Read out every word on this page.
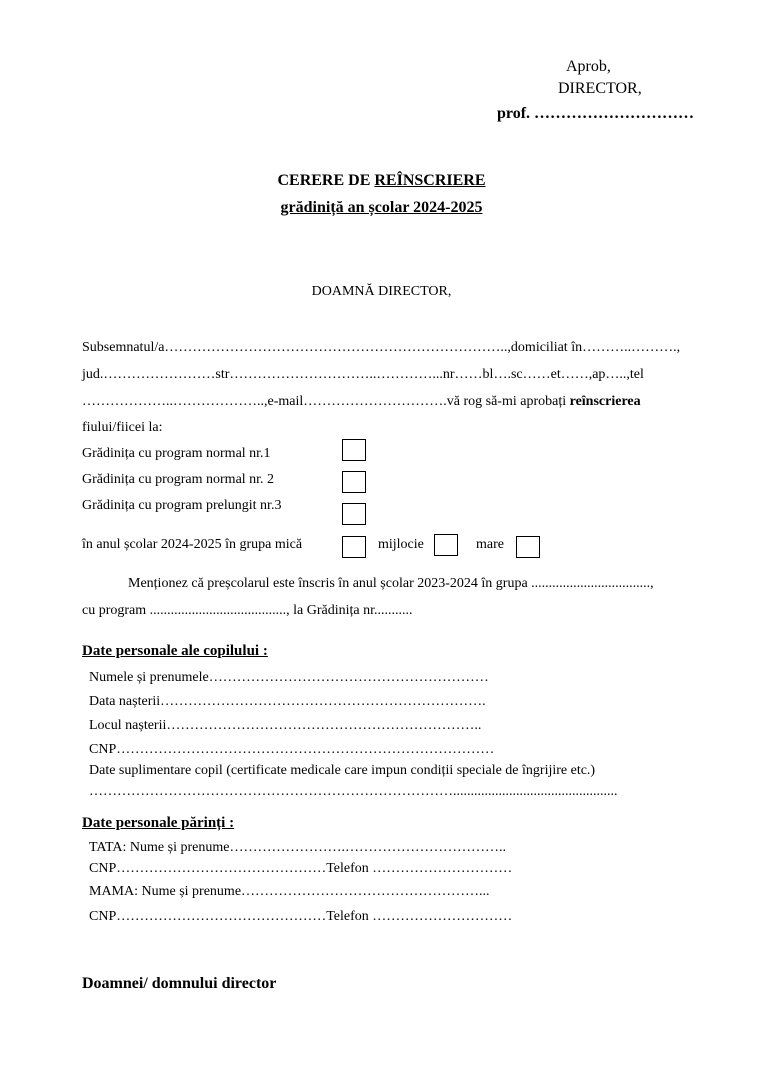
Aprob,
DIRECTOR,
prof. …………………………
CERERE DE REÎNSCRIERE
grădiniță an școlar 2024-2025
DOAMNĂ DIRECTOR,
Subsemnatul/a………………………………………………………………..,domiciliat în………..……….,
jud.……………………str…………………………..…………...nr……bl….sc……et……,ap…..,tel
………………..………………..,e-mail………………………….vă rog să-mi aprobați reînscrierea
fiului/fiicei la:
Grădinița cu program normal nr.1
Grădinița cu program normal nr. 2
Grădinița cu program prelungit nr.3
în anul școlar 2024-2025 în grupa mică	mijlocie	mare
Menționez că preșcolarul este înscris în anul școlar 2023-2024 în grupa ..................................,
cu program ......................................., la Grădinița nr...........
Date personale ale copilului :
Numele și prenumele……………………………………………………
Data nașterii…………………………………………………………….
Locul nașterii…………………………………………………………..
CNP………………………………………………………………………
Date suplimentare copil (certificate medicale care impun condiții speciale de îngrijire etc.)
……………………………………………………………………...............................................
Date personale părinți :
TATA: Nume și prenume…………………….……………………………..
CNP………………………………………Telefon …………………………
MAMA: Nume și prenume……………………………………………...
CNP………………………………………Telefon …………………………
Doamnei/ domnului director
